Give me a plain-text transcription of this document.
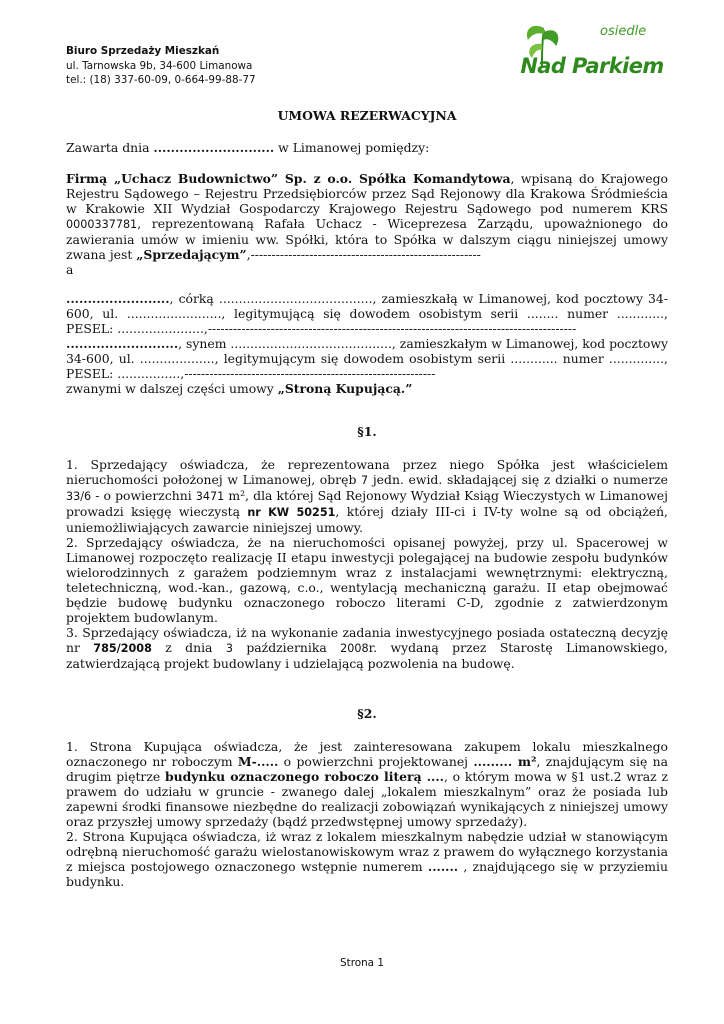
Biuro Sprzedaży Mieszkań
ul. Tarnowska 9b, 34-600 Limanowa
tel.: (18) 337-60-09, 0-664-99-88-77
osiedle
Nad Parkiem
UMOWA REZERWACYJNA
Zawarta dnia ............................ w Limanowej pomiędzy:

Firmą „Uchacz Budownictwo” Sp. z o.o. Spółka Komandytowa, wpisaną do Krajowego Rejestru Sądowego – Rejestru Przedsiębiorców przez Sąd Rejonowy dla Krakowa Śródmieścia w Krakowie XII Wydział Gospodarczy Krajowego Rejestru Sądowego pod numerem KRS 0000337781, reprezentowaną Rafała Uchacz - Wiceprezesa Zarządu, upoważnionego do zawierania umów w imieniu ww. Spółki, która to Spółka w dalszym ciągu niniejszej umowy zwana jest „Sprzedającym”,-------------------------------------------------------

a

........................, córką ......................................., zamieszkałą w Limanowej, kod pocztowy 34-600, ul. ........................, legitymującą się dowodem osobistym serii ........ numer ............, PESEL: ......................,----------------------------------------------------------------------------------------

.........................., synem ........................................., zamieszkałym w Limanowej, kod pocztowy 34-600, ul. ..................., legitymującym się dowodem osobistym serii ............ numer .............., PESEL: ................,------------------------------------------------------------

zwanymi w dalszej części umowy „Stroną Kupującą.”

§1.

1. Sprzedający oświadcza, że reprezentowana przez niego Spółka jest właścicielem nieruchomości położonej w Limanowej, obręb 7 jedn. ewid. składającej się z działki o numerze 33/6 - o powierzchni 3471 m², dla której Sąd Rejonowy Wydział Ksiąg Wieczystych w Limanowej prowadzi księgę wieczystą nr KW 50251, której działy III-ci i IV-ty wolne są od obciążeń, uniemożliwiających zawarcie niniejszej umowy.

2. Sprzedający oświadcza, że na nieruchomości opisanej powyżej, przy ul. Spacerowej w Limanowej rozpoczęto realizację II etapu inwestycji polegającej na budowie zespołu budynków wielorodzinnych z garażem podziemnym wraz z instalacjami wewnętrznymi: elektryczną, teletechniczną, wod.-kan., gazową, c.o., wentylacją mechaniczną garażu. II etap obejmować będzie budowę budynku oznaczonego roboczo literami C-D, zgodnie z zatwierdzonym projektem budowlanym.

3. Sprzedający oświadcza, iż na wykonanie zadania inwestycyjnego posiada ostateczną decyzję nr 785/2008 z dnia 3 października 2008r. wydaną przez Starostę Limanowskiego, zatwierdzającą projekt budowlany i udzielającą pozwolenia na budowę.

§2.

1. Strona Kupująca oświadcza, że jest zainteresowana zakupem lokalu mieszkalnego oznaczonego nr roboczym M-..... o powierzchni projektowanej ......... m², znajdującym się na drugim piętrze budynku oznaczonego roboczo literą ...., o którym mowa w §1 ust.2 wraz z prawem do udziału w gruncie - zwanego dalej „lokalem mieszkalnym” oraz że posiada lub zapewni środki finansowe niezbędne do realizacji zobowiązań wynikających z niniejszej umowy oraz przyszłej umowy sprzedaży (bądź przedwstępnej umowy sprzedaży).

2. Strona Kupująca oświadcza, iż wraz z lokalem mieszkalnym nabędzie udział w stanowiącym odrębną nieruchomość garażu wielostanowiskowym wraz z prawem do wyłącznego korzystania z miejsca postojowego oznaczonego wstępnie numerem ....... , znajdującego się w przyziemiu budynku.

Strona 1
